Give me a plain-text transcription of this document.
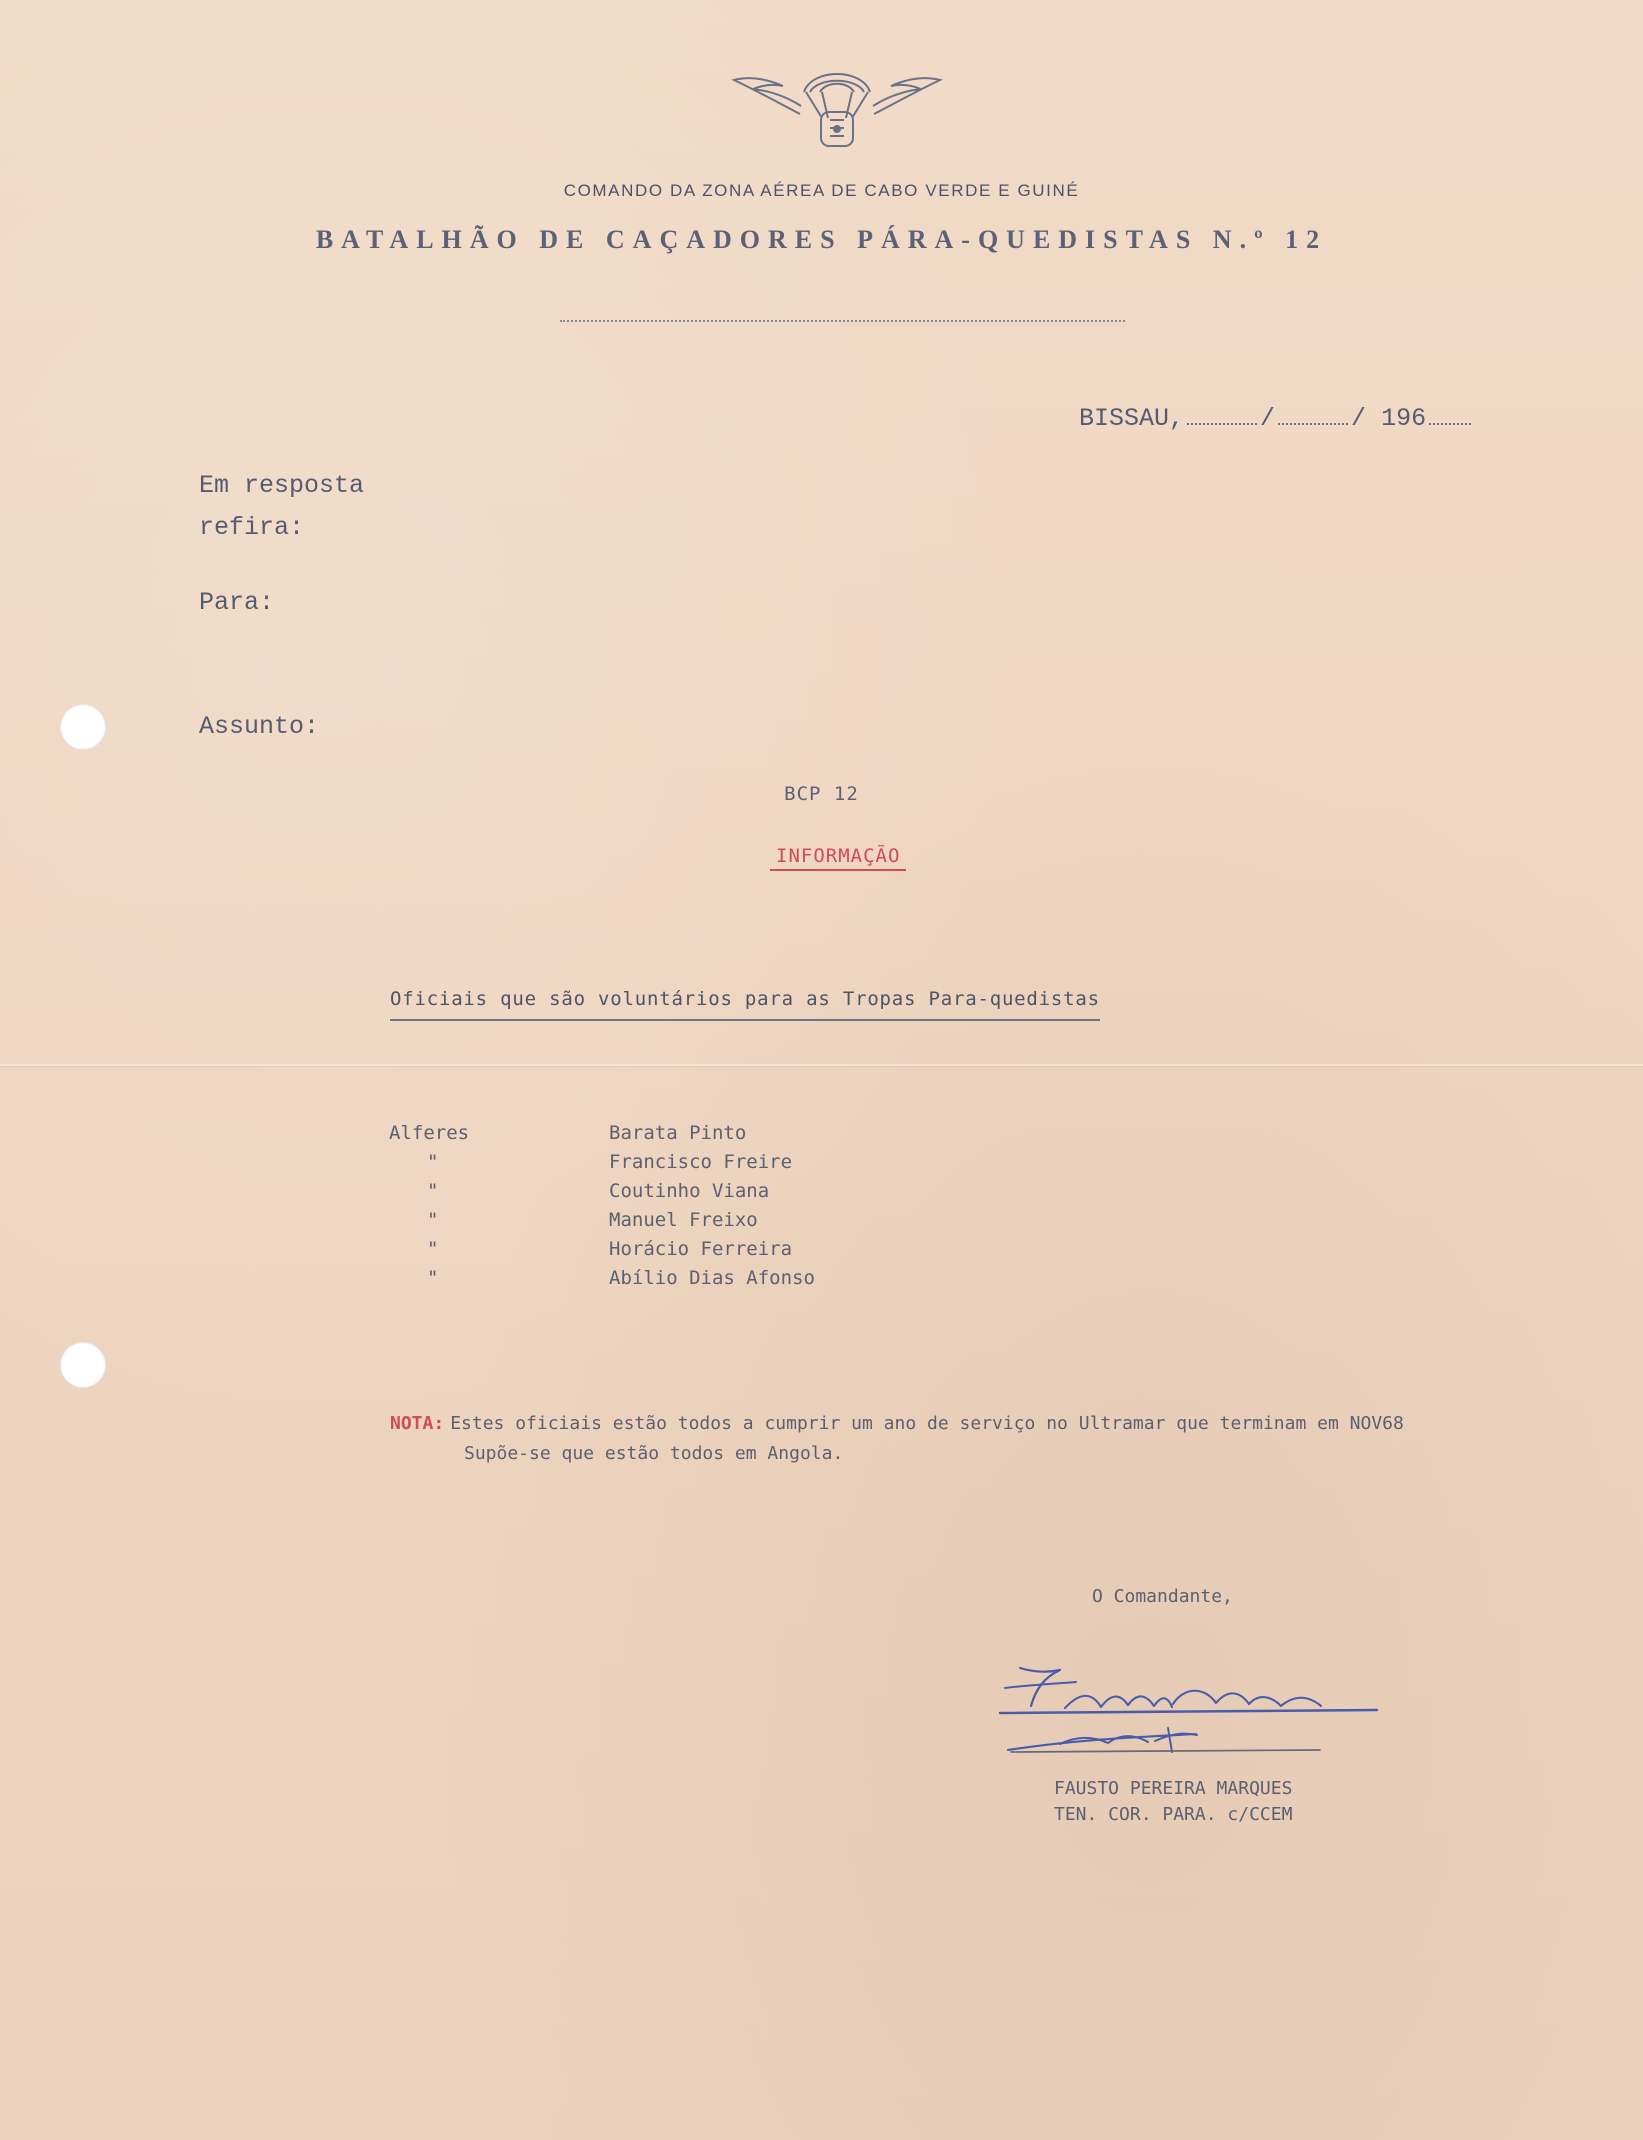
COMANDO DA ZONA AÉREA DE CABO VERDE E GUINÉ
BATALHÃO DE CAÇADORES PÁRA-QUEDISTAS N.º 12
BISSAU,	/	/ 196
Em resposta
refira:
Para:
Assunto:
BCP 12
INFORMAÇÃO
Oficiais que são voluntários para as Tropas Para-quedistas
Alferes	Barata Pinto
"	Francisco Freire
"	Coutinho Viana
"	Manuel Freixo
"	Horácio Ferreira
"	Abílio Dias Afonso
NOTA: Estes oficiais estão todos a cumprir um ano de serviço no Ultramar que terminam em NOV68
Supõe-se que estão todos em Angola.
O Comandante,
FAUSTO PEREIRA MARQUES
TEN. COR. PARA. c/CCEM
